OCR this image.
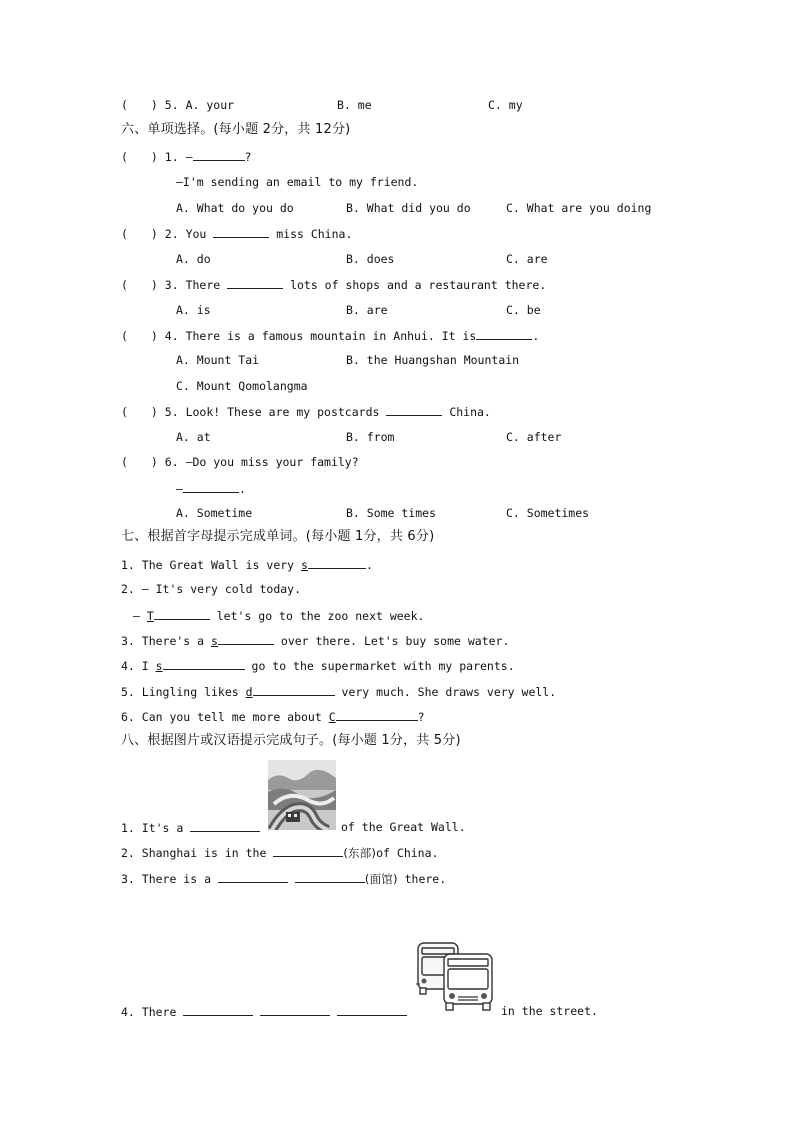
(　　) 5. A. your	B. me	C. my
六、单项选择。(每小题 2分，共 12分)
(　　) 1. —	?
—I'm sending an email to my friend.
A. What do you do	B. What did you do	C. What are you doing
(　　) 2. You	miss China.
A. do	B. does	C. are
(　　) 3. There	lots of shops and a restaurant there.
A. is	B. are	C. be
(　　) 4. There is a famous mountain in Anhui. It is	.
A. Mount Tai	B. the Huangshan Mountain
C. Mount Qomolangma
(　　) 5. Look! These are my postcards	China.
A. at	B. from	C. after
(　　) 6. —Do you miss your family?
—	.
A. Sometime	B. Some times	C. Sometimes
七、根据首字母提示完成单词。(每小题 1分，共 6分)
1. The Great Wall is very s	.
2. — It's very cold today.
— T	let's go to the zoo next week.
3. There's a s	over there. Let's buy some water.
4. I s	go to the supermarket with my parents.
5. Lingling likes d	very much. She draws very well.
6. Can you tell me more about C	?
八、根据图片或汉语提示完成句子。(每小题 1分，共 5分)
1. It's a	of the Great Wall.
2. Shanghai is in the	(东部)of China.
3. There is a	(面馆) there.
4. There	in the street.
